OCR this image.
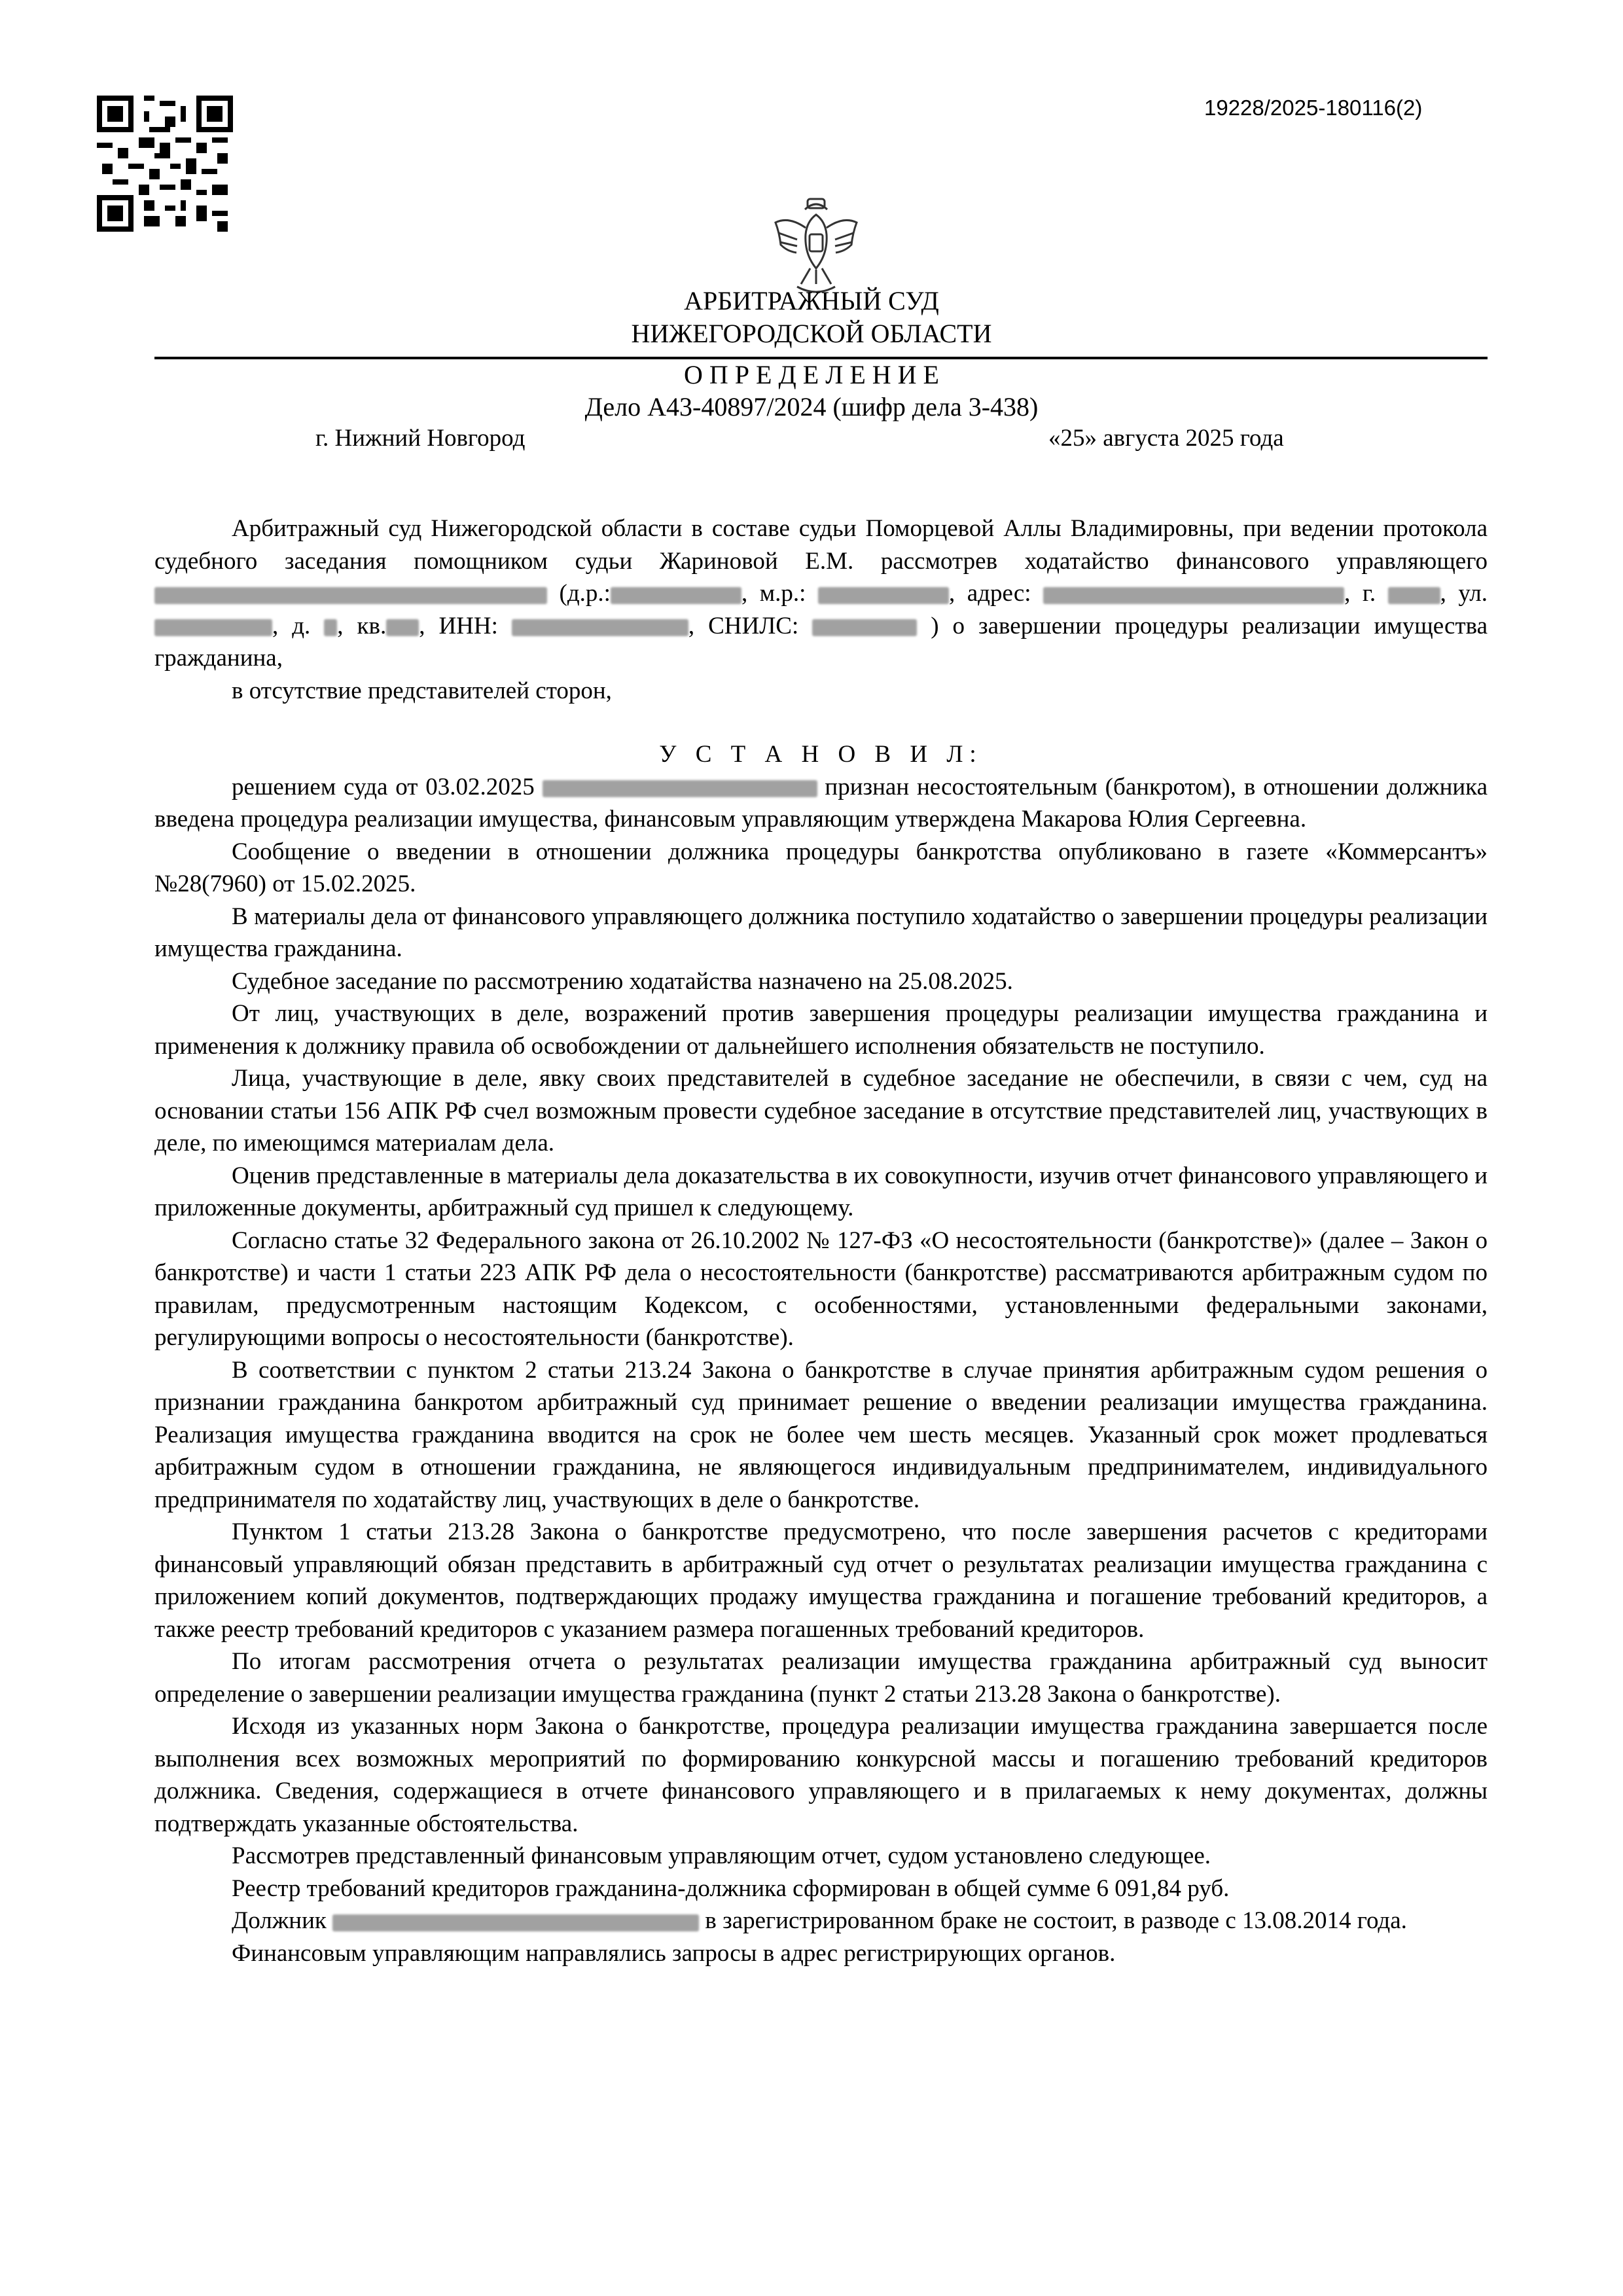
19228/2025-180116(2)
АРБИТРАЖНЫЙ СУД
НИЖЕГОРОДСКОЙ ОБЛАСТИ
О П Р Е Д Е Л Е Н И Е
Дело А43-40897/2024 (шифр дела 3-438)
г. Нижний Новгород	«25» августа 2025 года

Арбитражный суд Нижегородской области в составе судьи Поморцевой Аллы Владимировны, при ведении протокола судебного заседания помощником судьи Жариновой Е.М. рассмотрев ходатайство финансового управляющего  (д.р.:	, м.р.:	, адрес:	, г.	, ул. , д. , кв. , ИНН:	, СНИЛС:	) о завершении процедуры реализации имущества гражданина,

в отсутствие представителей сторон,

У С Т А Н О В И Л:

решением суда от 03.02.2025	признан несостоятельным (банкротом), в отношении должника введена процедура реализации имущества, финансовым управляющим утверждена Макарова Юлия Сергеевна.

Сообщение о введении в отношении должника процедуры банкротства опубликовано в газете «Коммерсантъ» №28(7960) от 15.02.2025.

В материалы дела от финансового управляющего должника поступило ходатайство о завершении процедуры реализации имущества гражданина.

Судебное заседание по рассмотрению ходатайства назначено на 25.08.2025.

От лиц, участвующих в деле, возражений против завершения процедуры реализации имущества гражданина и применения к должнику правила об освобождении от дальнейшего исполнения обязательств не поступило.

Лица, участвующие в деле, явку своих представителей в судебное заседание не обеспечили, в связи с чем, суд на основании статьи 156 АПК РФ счел возможным провести судебное заседание в отсутствие представителей лиц, участвующих в деле, по имеющимся материалам дела.

Оценив представленные в материалы дела доказательства в их совокупности, изучив отчет финансового управляющего и приложенные документы, арбитражный суд пришел к следующему.

Согласно статье 32 Федерального закона от 26.10.2002 № 127-ФЗ «О несостоятельности (банкротстве)» (далее – Закон о банкротстве) и части 1 статьи 223 АПК РФ дела о несостоятельности (банкротстве) рассматриваются арбитражным судом по правилам, предусмотренным настоящим Кодексом, с особенностями, установленными федеральными законами, регулирующими вопросы о несостоятельности (банкротстве).

В соответствии с пунктом 2 статьи 213.24 Закона о банкротстве в случае принятия арбитражным судом решения о признании гражданина банкротом арбитражный суд принимает решение о введении реализации имущества гражданина. Реализация имущества гражданина вводится на срок не более чем шесть месяцев. Указанный срок может продлеваться арбитражным судом в отношении гражданина, не являющегося индивидуальным предпринимателем, индивидуального предпринимателя по ходатайству лиц, участвующих в деле о банкротстве.

Пунктом 1 статьи 213.28 Закона о банкротстве предусмотрено, что после завершения расчетов с кредиторами финансовый управляющий обязан представить в арбитражный суд отчет о результатах реализации имущества гражданина с приложением копий документов, подтверждающих продажу имущества гражданина и погашение требований кредиторов, а также реестр требований кредиторов с указанием размера погашенных требований кредиторов.

По итогам рассмотрения отчета о результатах реализации имущества гражданина арбитражный суд выносит определение о завершении реализации имущества гражданина (пункт 2 статьи 213.28 Закона о банкротстве).

Исходя из указанных норм Закона о банкротстве, процедура реализации имущества гражданина завершается после выполнения всех возможных мероприятий по формированию конкурсной массы и погашению требований кредиторов должника. Сведения, содержащиеся в отчете финансового управляющего и в прилагаемых к нему документах, должны подтверждать указанные обстоятельства.

Рассмотрев представленный финансовым управляющим отчет, судом установлено следующее.

Реестр требований кредиторов гражданина-должника сформирован в общей сумме 6 091,84 руб.

Должник	в зарегистрированном браке не состоит, в разводе с 13.08.2014 года.

Финансовым управляющим направлялись запросы в адрес регистрирующих органов.
